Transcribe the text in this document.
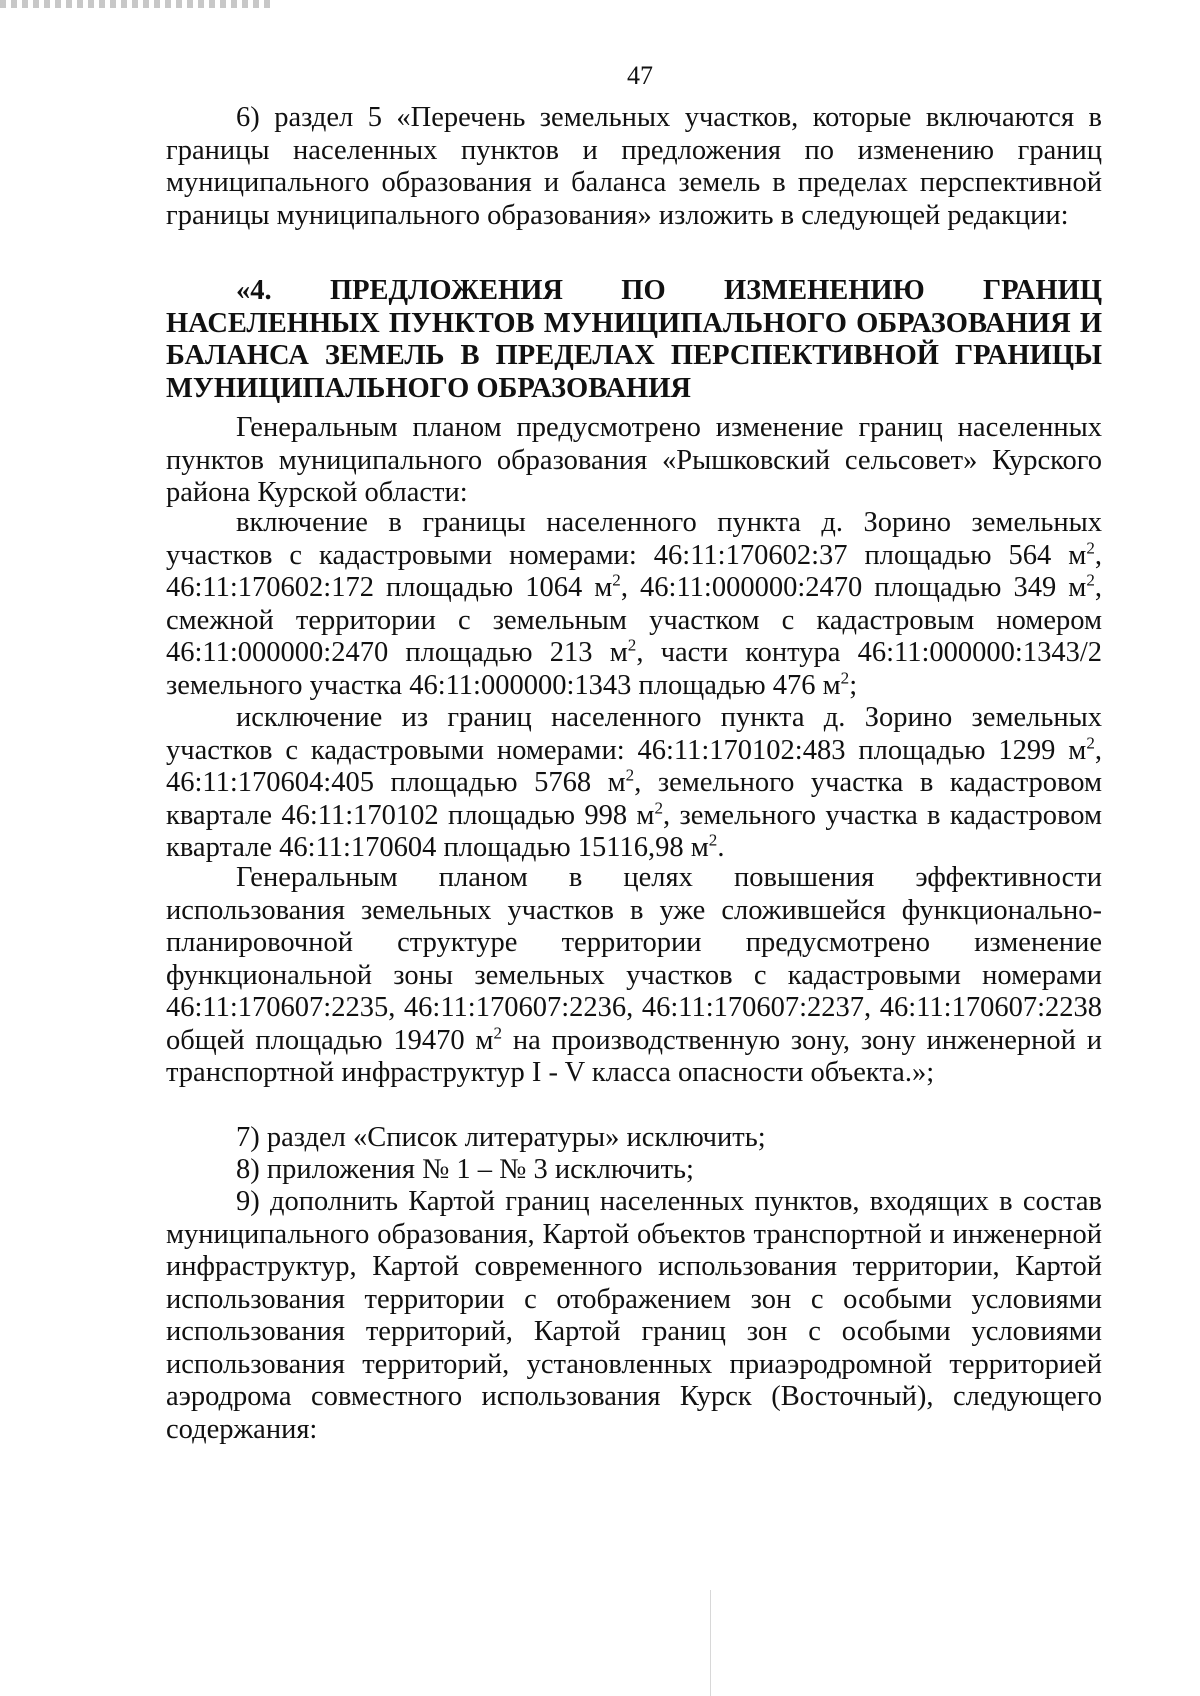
47

6) раздел 5 «Перечень земельных участков, которые включаются в границы населенных пунктов и предложения по изменению границ муниципального образования и баланса земель в пределах перспективной границы муниципального образования» изложить в следующей редакции:

«4. ПРЕДЛОЖЕНИЯ ПО ИЗМЕНЕНИЮ ГРАНИЦ НАСЕЛЕННЫХ ПУНКТОВ МУНИЦИПАЛЬНОГО ОБРАЗОВАНИЯ И БАЛАНСА ЗЕМЕЛЬ В ПРЕДЕЛАХ ПЕРСПЕКТИВНОЙ ГРАНИЦЫ МУНИЦИПАЛЬНОГО ОБРАЗОВАНИЯ

Генеральным планом предусмотрено изменение границ населенных пунктов муниципального образования «Рышковский сельсовет» Курского района Курской области:

включение в границы населенного пункта д. Зорино земельных участков с кадастровыми номерами: 46:11:170602:37 площадью 564 $м^2$, 46:11:170602:172 площадью 1064 $м^2$, 46:11:000000:2470 площадью 349 $м^2$, смежной территории с земельным участком с кадастровым номером 46:11:000000:2470 площадью 213 $м^2$, части контура 46:11:000000:1343/2 земельного участка 46:11:000000:1343 площадью 476 $м^2$;

исключение из границ населенного пункта д. Зорино земельных участков с кадастровыми номерами: 46:11:170102:483 площадью 1299 $м^2$, 46:11:170604:405 площадью 5768 $м^2$, земельного участка в кадастровом квартале 46:11:170102 площадью 998 $м^2$, земельного участка в кадастровом квартале 46:11:170604 площадью 15116,98 $м^2$.

Генеральным планом в целях повышения эффективности использования земельных участков в уже сложившейся функционально-планировочной структуре территории предусмотрено изменение функциональной зоны земельных участков с кадастровыми номерами 46:11:170607:2235, 46:11:170607:2236, 46:11:170607:2237, 46:11:170607:2238 общей площадью 19470 $м^2$ на производственную зону, зону инженерной и транспортной инфраструктур I - V класса опасности объекта.»;

7) раздел «Список литературы» исключить;

8) приложения № 1 – № 3 исключить;

9) дополнить Картой границ населенных пунктов, входящих в состав муниципального образования, Картой объектов транспортной и инженерной инфраструктур, Картой современного использования территории, Картой использования территории с отображением зон с особыми условиями использования территорий, Картой границ зон с особыми условиями использования территорий, установленных приаэродромной территорией аэродрома совместного использования Курск (Восточный), следующего содержания:
